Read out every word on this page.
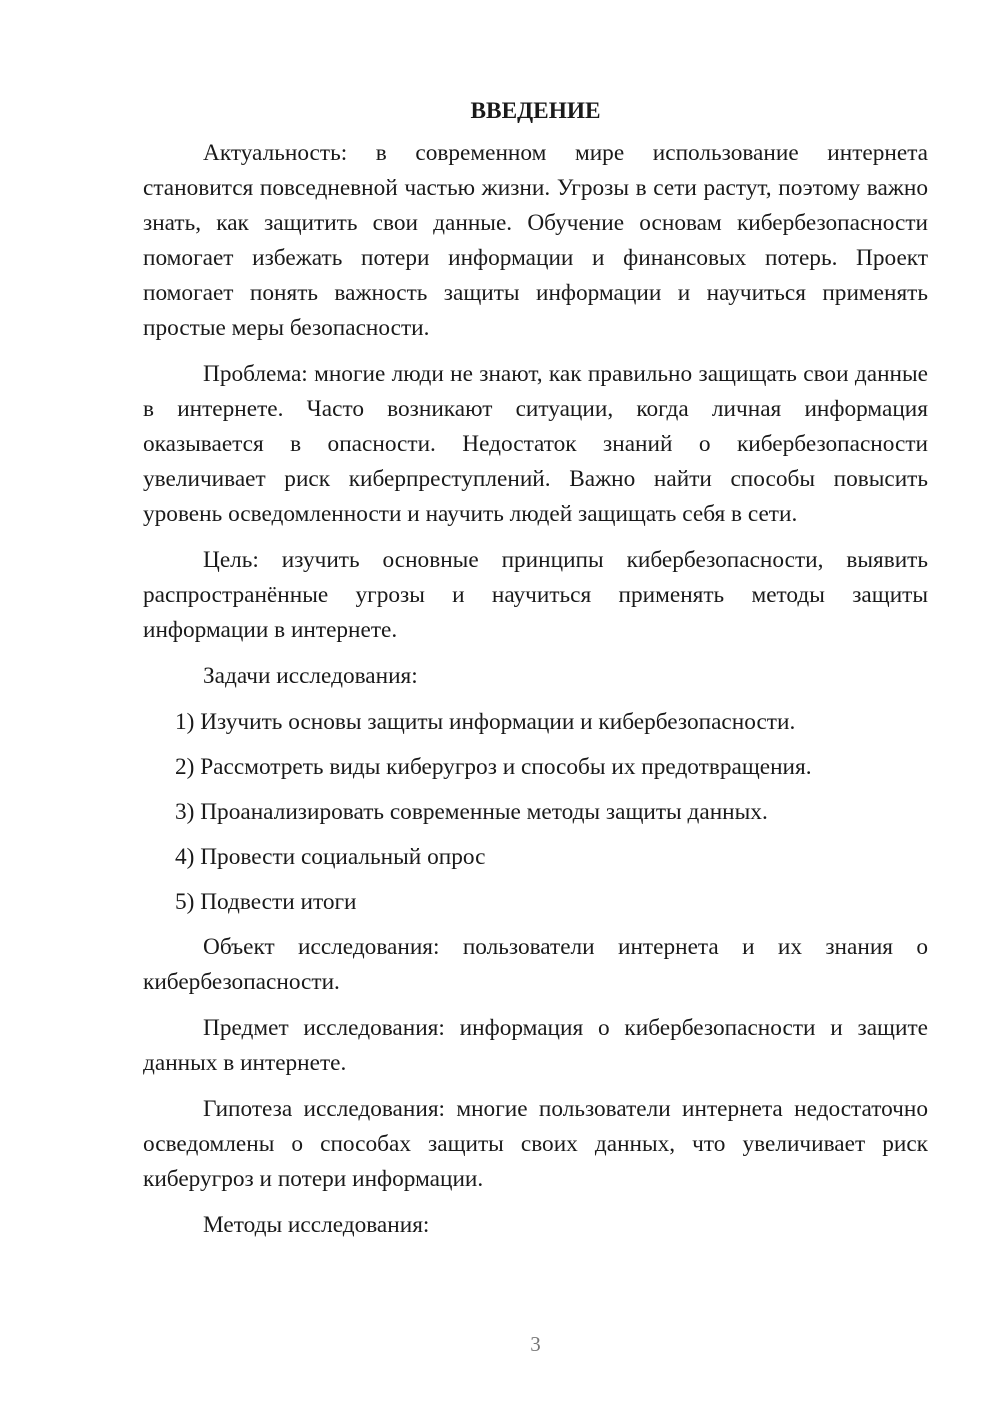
ВВЕДЕНИЕ

Актуальность: в современном мире использование интернета становится повседневной частью жизни. Угрозы в сети растут, поэтому важно знать, как защитить свои данные. Обучение основам кибербезопасности помогает избежать потери информации и финансовых потерь. Проект помогает понять важность защиты информации и научиться применять простые меры безопасности.

Проблема: многие люди не знают, как правильно защищать свои данные в интернете. Часто возникают ситуации, когда личная информация оказывается в опасности. Недостаток знаний о кибербезопасности увеличивает риск киберпреступлений. Важно найти способы повысить уровень осведомленности и научить людей защищать себя в сети.

Цель: изучить основные принципы кибербезопасности, выявить распространённые угрозы и научиться применять методы защиты информации в интернете.

Задачи исследования:

1) Изучить основы защиты информации и кибербезопасности.

2) Рассмотреть виды киберугроз и способы их предотвращения.

3) Проанализировать современные методы защиты данных.

4) Провести социальный опрос

5) Подвести итоги

Объект исследования: пользователи интернета и их знания о кибербезопасности.

Предмет исследования: информация о кибербезопасности и защите данных в интернете.

Гипотеза исследования: многие пользователи интернета недостаточно осведомлены о способах защиты своих данных, что увеличивает риск киберугроз и потери информации.

Методы исследования:

3
